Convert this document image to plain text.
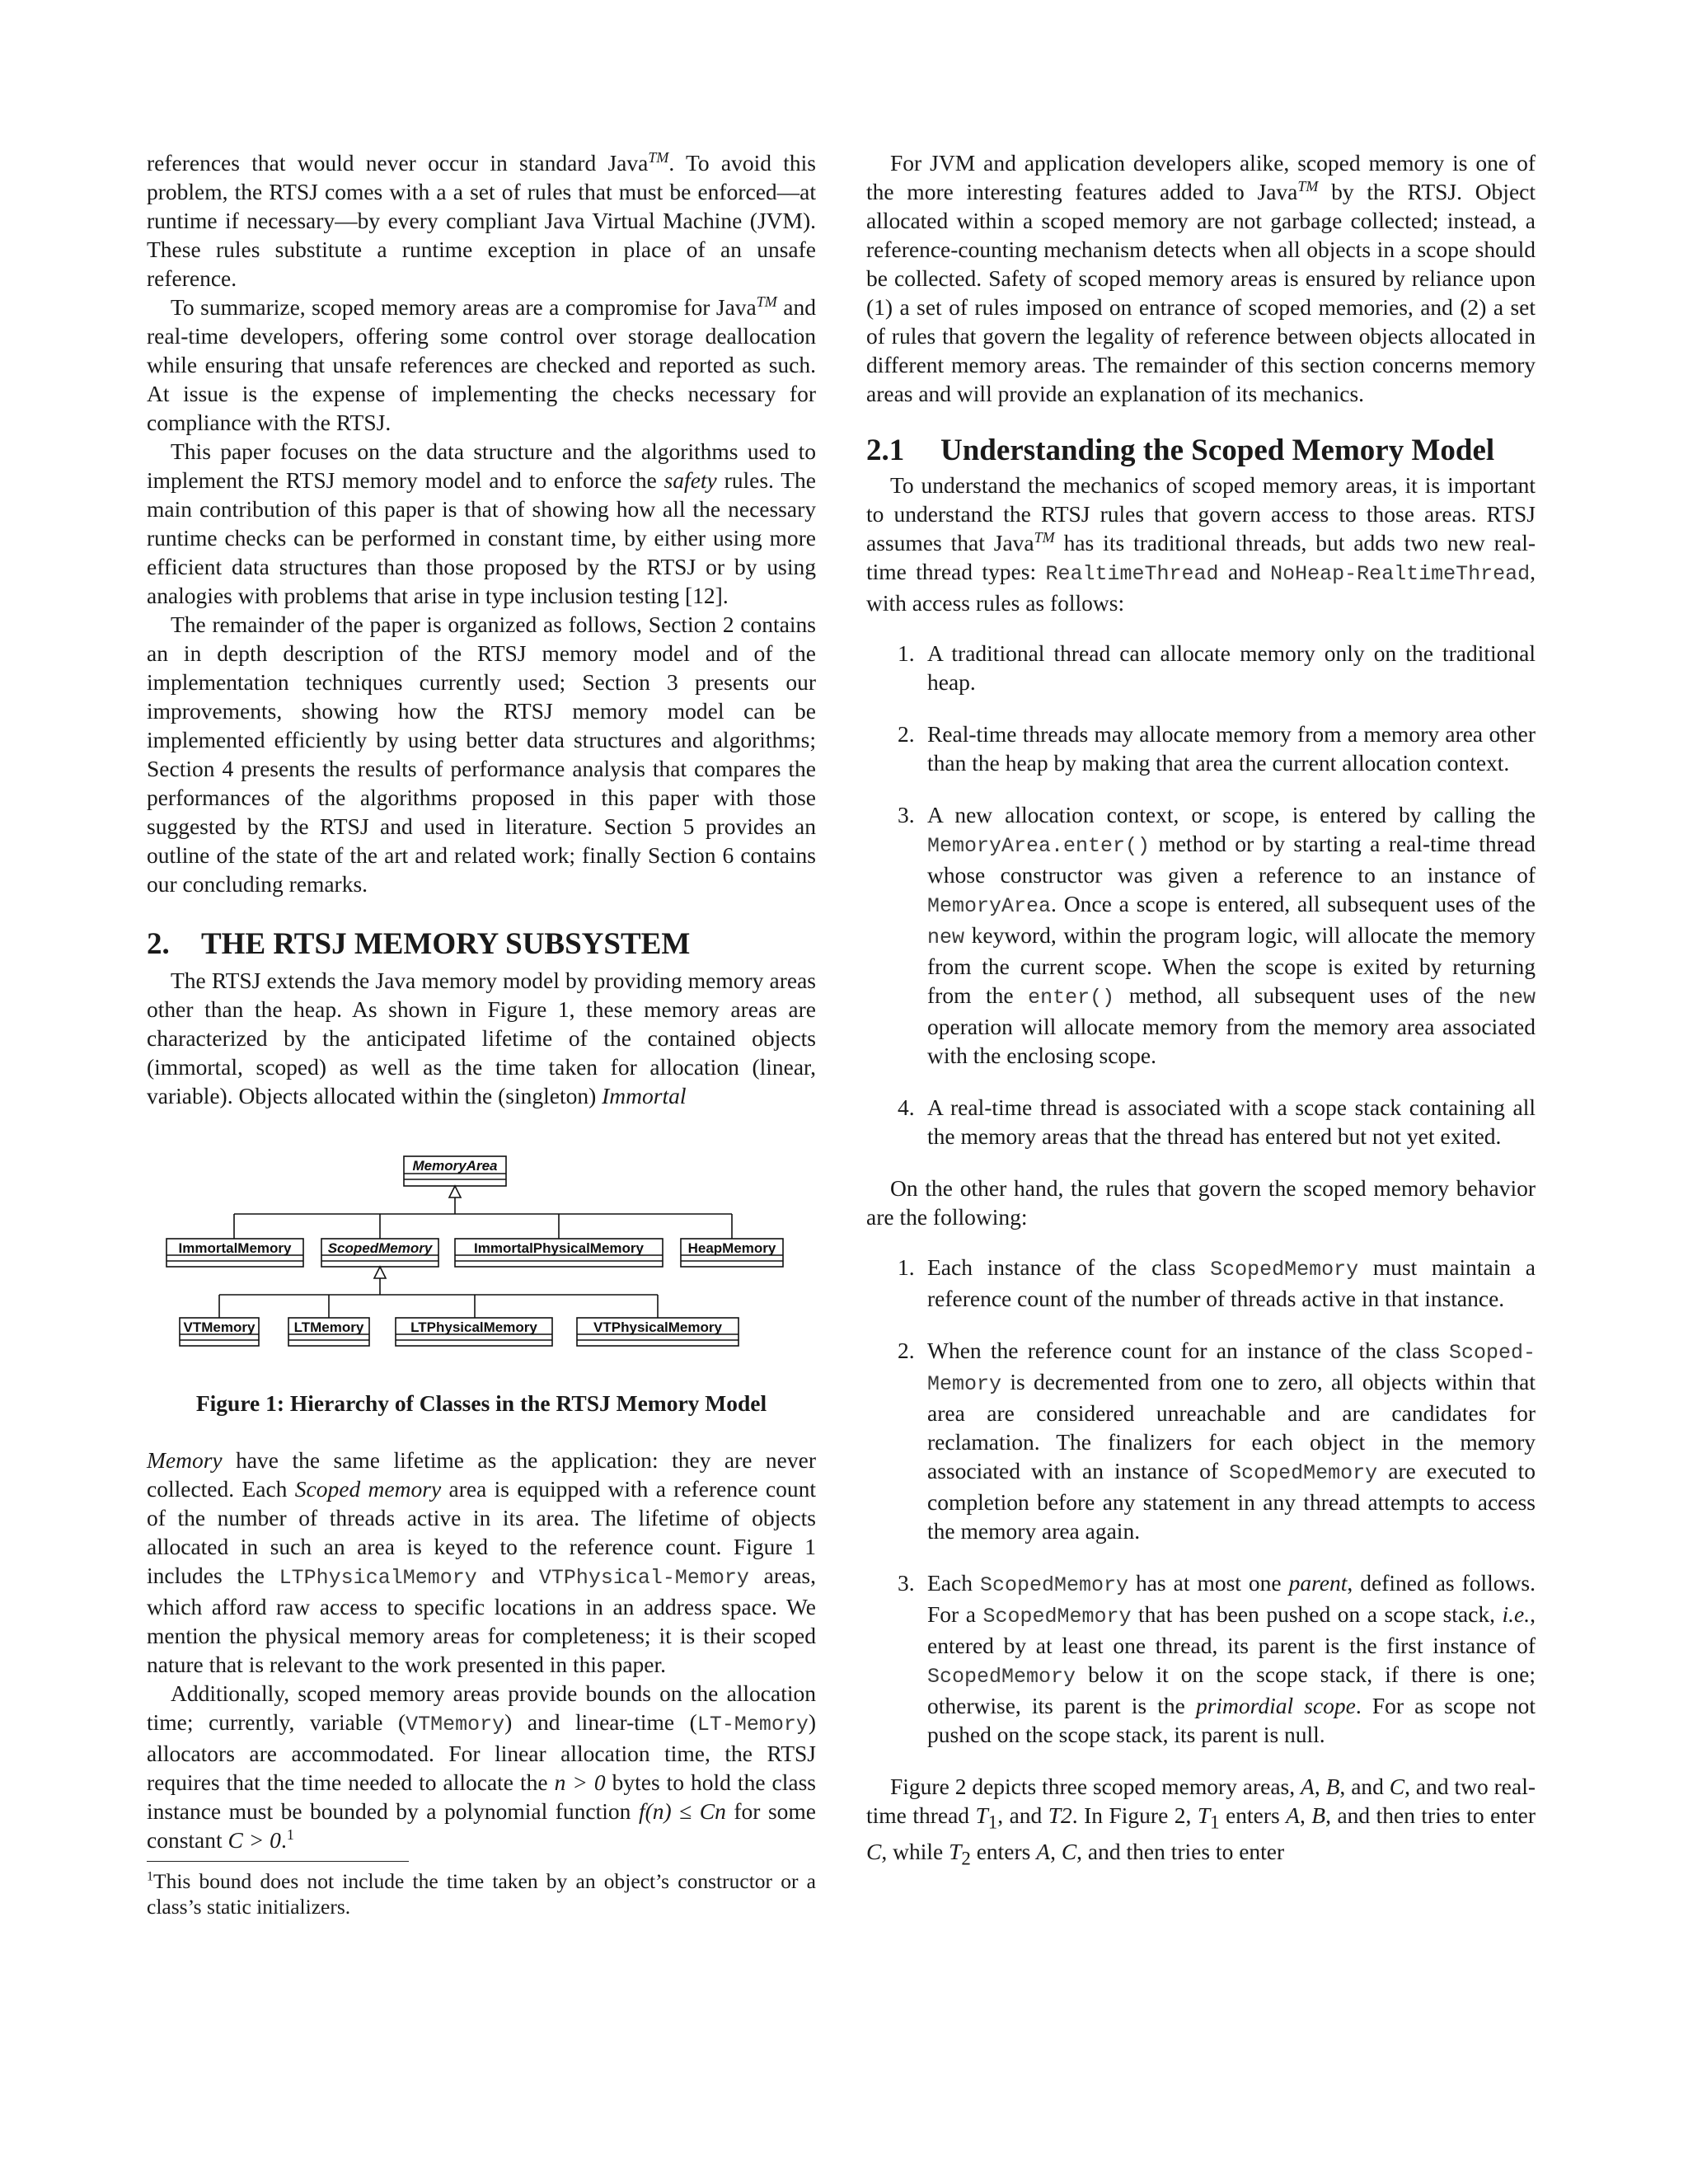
references that would never occur in standard Java™. To avoid this problem, the RTSJ comes with a a set of rules that must be enforced—at runtime if necessary—by every compliant Java Virtual Machine (JVM). These rules substitute a runtime exception in place of an unsafe reference.

To summarize, scoped memory areas are a compromise for Java™ and real-time developers, offering some control over storage deallocation while ensuring that unsafe references are checked and reported as such. At issue is the expense of implementing the checks necessary for compliance with the RTSJ.

This paper focuses on the data structure and the algorithms used to implement the RTSJ memory model and to enforce the safety rules. The main contribution of this paper is that of showing how all the necessary runtime checks can be performed in constant time, by either using more efficient data structures than those proposed by the RTSJ or by using analogies with problems that arise in type inclusion testing [12].

The remainder of the paper is organized as follows, Section 2 contains an in depth description of the RTSJ memory model and of the implementation techniques currently used; Section 3 presents our improvements, showing how the RTSJ memory model can be implemented efficiently by using better data structures and algorithms; Section 4 presents the results of performance analysis that compares the performances of the algorithms proposed in this paper with those suggested by the RTSJ and used in literature. Section 5 provides an outline of the state of the art and related work; finally Section 6 contains our concluding remarks.

2. THE RTSJ MEMORY SUBSYSTEM

The RTSJ extends the Java memory model by providing memory areas other than the heap. As shown in Figure 1, these memory areas are characterized by the anticipated lifetime of the contained objects (immortal, scoped) as well as the time taken for allocation (linear, variable). Objects allocated within the (singleton) Immortal

MemoryArea
ImmortalMemory	ScopedMemory	ImmortalPhysicalMemory	HeapMemory
VTMemory	LTMemory	LTPhysicalMemory	VTPhysicalMemory
Figure 1: Hierarchy of Classes in the RTSJ Memory Model

Memory have the same lifetime as the application: they are never collected. Each Scoped memory area is equipped with a reference count of the number of threads active in its area. The lifetime of objects allocated in such an area is keyed to the reference count. Figure 1 includes the LTPhysicalMemory and VTPhysical-Memory areas, which afford raw access to specific locations in an address space. We mention the physical memory areas for completeness; it is their scoped nature that is relevant to the work presented in this paper.

Additionally, scoped memory areas provide bounds on the allocation time; currently, variable (VTMemory) and linear-time (LT-Memory) allocators are accommodated. For linear allocation time, the RTSJ requires that the time needed to allocate the n > 0 bytes to hold the class instance must be bounded by a polynomial function f(n) ≤ Cn for some constant C > 0.$^1$

$^1$This bound does not include the time taken by an object’s constructor or a class’s static initializers.

For JVM and application developers alike, scoped memory is one of the more interesting features added to Java™ by the RTSJ. Object allocated within a scoped memory are not garbage collected; instead, a reference-counting mechanism detects when all objects in a scope should be collected. Safety of scoped memory areas is ensured by reliance upon (1) a set of rules imposed on entrance of scoped memories, and (2) a set of rules that govern the legality of reference between objects allocated in different memory areas. The remainder of this section concerns memory areas and will provide an explanation of its mechanics.

2.1 Understanding the Scoped Memory Model

To understand the mechanics of scoped memory areas, it is important to understand the RTSJ rules that govern access to those areas. RTSJ assumes that Java™ has its traditional threads, but adds two new real-time thread types: RealtimeThread and NoHeap-RealtimeThread, with access rules as follows:

1. A traditional thread can allocate memory only on the traditional heap.
2. Real-time threads may allocate memory from a memory area other than the heap by making that area the current allocation context.
3. A new allocation context, or scope, is entered by calling the MemoryArea.enter() method or by starting a real-time thread whose constructor was given a reference to an instance of MemoryArea. Once a scope is entered, all subsequent uses of the new keyword, within the program logic, will allocate the memory from the current scope. When the scope is exited by returning from the enter() method, all subsequent uses of the new operation will allocate memory from the memory area associated with the enclosing scope.
4. A real-time thread is associated with a scope stack containing all the memory areas that the thread has entered but not yet exited.

On the other hand, the rules that govern the scoped memory behavior are the following:

1. Each instance of the class ScopedMemory must maintain a reference count of the number of threads active in that instance.
2. When the reference count for an instance of the class Scoped-Memory is decremented from one to zero, all objects within that area are considered unreachable and are candidates for reclamation. The finalizers for each object in the memory associated with an instance of ScopedMemory are executed to completion before any statement in any thread attempts to access the memory area again.
3. Each ScopedMemory has at most one parent, defined as follows. For a ScopedMemory that has been pushed on a scope stack, i.e., entered by at least one thread, its parent is the first instance of ScopedMemory below it on the scope stack, if there is one; otherwise, its parent is the primordial scope. For as scope not pushed on the scope stack, its parent is null.

Figure 2 depicts three scoped memory areas, A, B, and C, and two real-time thread $T_1$, and T2. In Figure 2, $T_1$ enters A, B, and then tries to enter C, while $T_2$ enters A, C, and then tries to enter
